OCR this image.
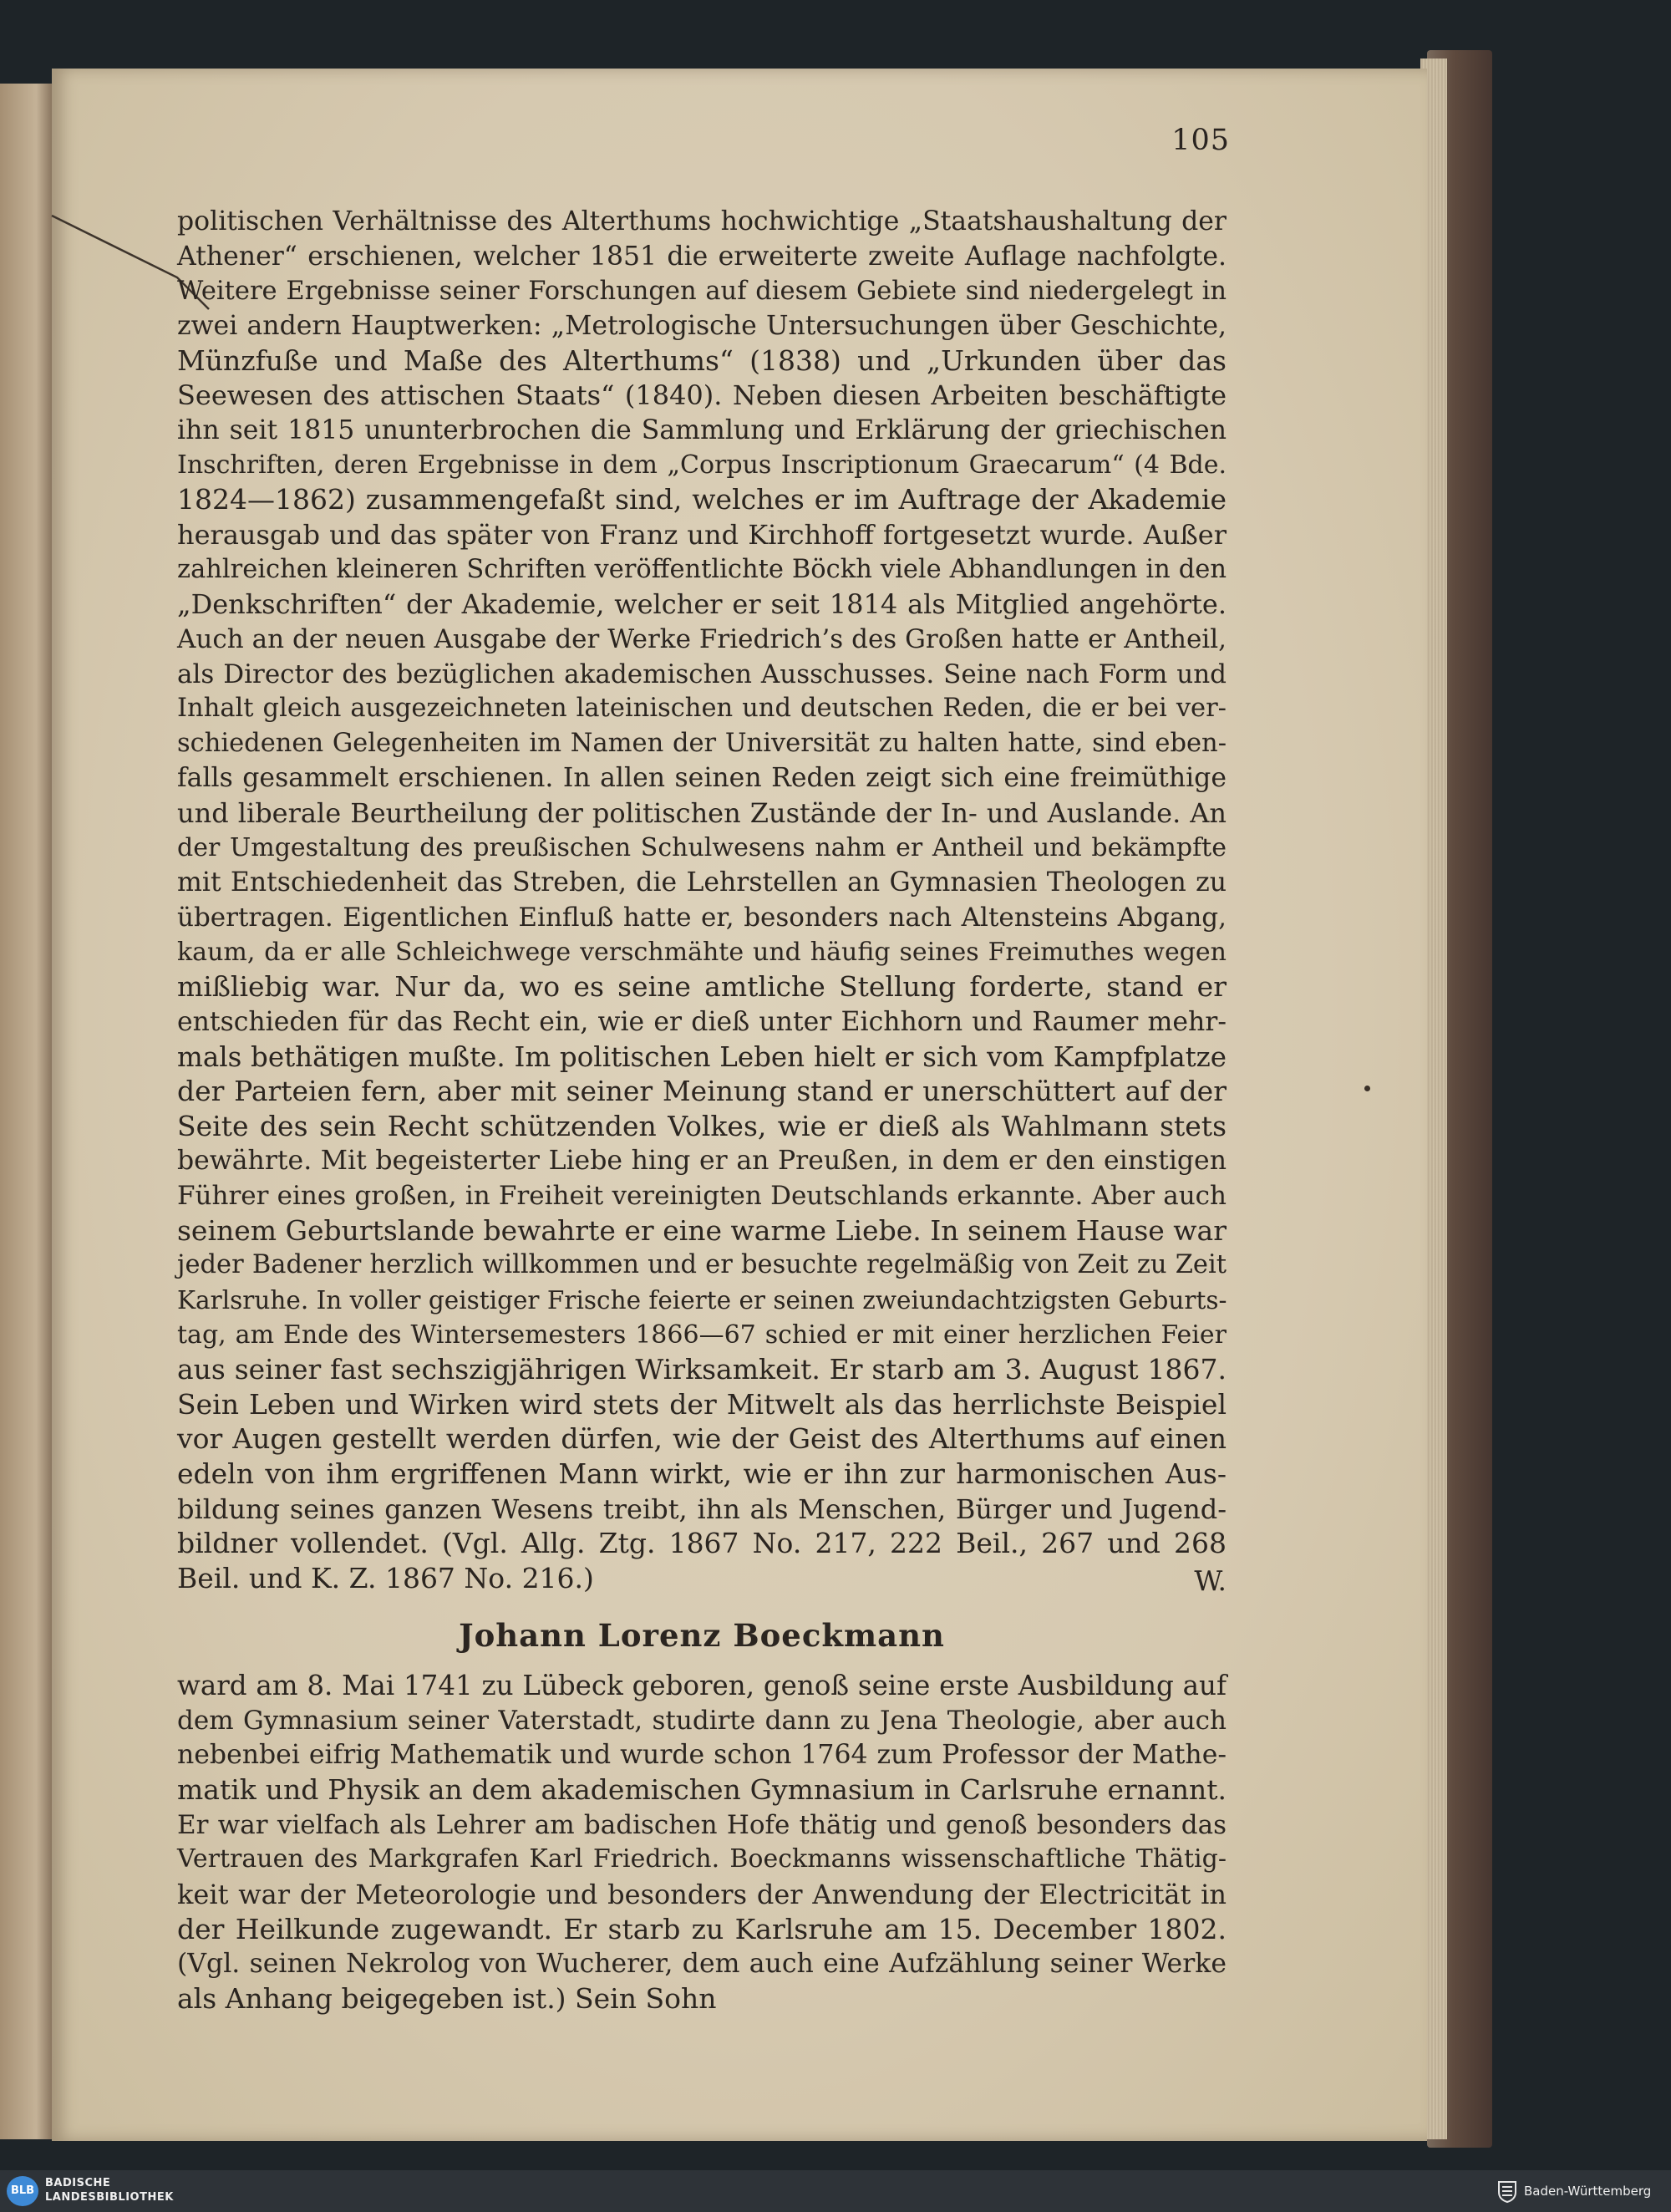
105
politischen Verhältnisse des Alterthums hochwichtige „Staatshaushaltung der
Athener“ erschienen, welcher 1851 die erweiterte zweite Auflage nachfolgte.
Weitere Ergebnisse seiner Forschungen auf diesem Gebiete sind niedergelegt in
zwei andern Hauptwerken: „Metrologische Untersuchungen über Geschichte,
Münzfuße und Maße des Alterthums“ (1838) und „Urkunden über das
Seewesen des attischen Staats“ (1840). Neben diesen Arbeiten beschäftigte
ihn seit 1815 ununterbrochen die Sammlung und Erklärung der griechischen
Inschriften, deren Ergebnisse in dem „Corpus Inscriptionum Graecarum“ (4 Bde.
1824—1862) zusammengefaßt sind, welches er im Auftrage der Akademie
herausgab und das später von Franz und Kirchhoff fortgesetzt wurde. Außer
zahlreichen kleineren Schriften veröffentlichte Böckh viele Abhandlungen in den
„Denkschriften“ der Akademie, welcher er seit 1814 als Mitglied angehörte.
Auch an der neuen Ausgabe der Werke Friedrich’s des Großen hatte er Antheil,
als Director des bezüglichen akademischen Ausschusses. Seine nach Form und
Inhalt gleich ausgezeichneten lateinischen und deutschen Reden, die er bei ver-
schiedenen Gelegenheiten im Namen der Universität zu halten hatte, sind eben-
falls gesammelt erschienen. In allen seinen Reden zeigt sich eine freimüthige
und liberale Beurtheilung der politischen Zustände der In- und Auslande. An
der Umgestaltung des preußischen Schulwesens nahm er Antheil und bekämpfte
mit Entschiedenheit das Streben, die Lehrstellen an Gymnasien Theologen zu
übertragen. Eigentlichen Einfluß hatte er, besonders nach Altensteins Abgang,
kaum, da er alle Schleichwege verschmähte und häufig seines Freimuthes wegen
mißliebig war. Nur da, wo es seine amtliche Stellung forderte, stand er
entschieden für das Recht ein, wie er dieß unter Eichhorn und Raumer mehr-
mals bethätigen mußte. Im politischen Leben hielt er sich vom Kampfplatze
der Parteien fern, aber mit seiner Meinung stand er unerschüttert auf der
Seite des sein Recht schützenden Volkes, wie er dieß als Wahlmann stets
bewährte. Mit begeisterter Liebe hing er an Preußen, in dem er den einstigen
Führer eines großen, in Freiheit vereinigten Deutschlands erkannte. Aber auch
seinem Geburtslande bewahrte er eine warme Liebe. In seinem Hause war
jeder Badener herzlich willkommen und er besuchte regelmäßig von Zeit zu Zeit
Karlsruhe. In voller geistiger Frische feierte er seinen zweiundachtzigsten Geburts-
tag, am Ende des Wintersemesters 1866—67 schied er mit einer herzlichen Feier
aus seiner fast sechszigjährigen Wirksamkeit. Er starb am 3. August 1867.
Sein Leben und Wirken wird stets der Mitwelt als das herrlichste Beispiel
vor Augen gestellt werden dürfen, wie der Geist des Alterthums auf einen
edeln von ihm ergriffenen Mann wirkt, wie er ihn zur harmonischen Aus-
bildung seines ganzen Wesens treibt, ihn als Menschen, Bürger und Jugend-
bildner vollendet. (Vgl. Allg. Ztg. 1867 No. 217, 222 Beil., 267 und 268
Beil. und K. Z. 1867 No. 216.)	W.
Johann Lorenz Boeckmann
ward am 8. Mai 1741 zu Lübeck geboren, genoß seine erste Ausbildung auf
dem Gymnasium seiner Vaterstadt, studirte dann zu Jena Theologie, aber auch
nebenbei eifrig Mathematik und wurde schon 1764 zum Professor der Mathe-
matik und Physik an dem akademischen Gymnasium in Carlsruhe ernannt.
Er war vielfach als Lehrer am badischen Hofe thätig und genoß besonders das
Vertrauen des Markgrafen Karl Friedrich. Boeckmanns wissenschaftliche Thätig-
keit war der Meteorologie und besonders der Anwendung der Electricität in
der Heilkunde zugewandt. Er starb zu Karlsruhe am 15. December 1802.
(Vgl. seinen Nekrolog von Wucherer, dem auch eine Aufzählung seiner Werke
als Anhang beigegeben ist.) Sein Sohn
BLB
BADISCHE
LANDESBIBLIOTHEK	Baden-Württemberg
